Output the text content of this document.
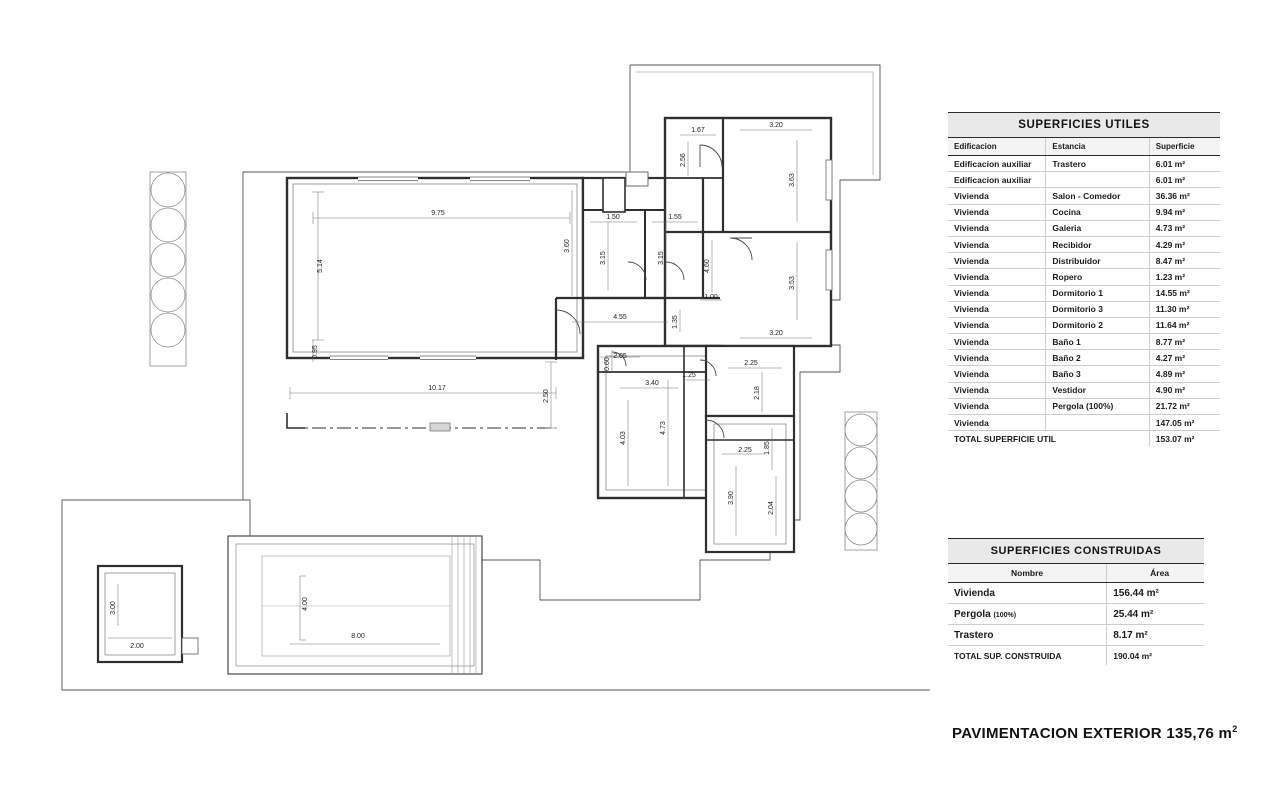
9.75
5.14
0.95
10.17
2.50
3.60
1.50	1.55
3.15	3.15
1.67
2.56
3.20
3.63
3.53
3.20
4.60
1.00
4.55	1.35
2.05
0.60
3.40
1.25
4.03
4.73
2.25
2.18
2.25 1.85
3.90
2.04
4.00
8.00
3.00
2.00
SUPERFICIES UTILES
Edificacion	Estancia	Superficie
Edificacion auxiliar	Trastero	6.01 m²
Edificacion auxiliar		6.01 m²
Vivienda	Salon - Comedor	36.36 m²
Vivienda	Cocina	9.94 m²
Vivienda	Galeria	4.73 m²
Vivienda	Recibidor	4.29 m²
Vivienda	Distribuidor	8.47 m²
Vivienda	Ropero	1.23 m²
Vivienda	Dormitorio 1	14.55 m²
Vivienda	Dormitorio 3	11.30 m²
Vivienda	Dormitorio 2	11.64 m²
Vivienda	Baño 1	8.77 m²
Vivienda	Baño 2	4.27 m²
Vivienda	Baño 3	4.89 m²
Vivienda	Vestidor	4.90 m²
Vivienda	Pergola (100%)	21.72 m²
Vivienda		147.05 m²
TOTAL SUPERFICIE UTIL		153.07 m²
SUPERFICIES CONSTRUIDAS
Nombre	Área
Vivienda	156.44 m²
Pergola (100%)	25.44 m²
Trastero	8.17 m²
TOTAL SUP. CONSTRUIDA	190.04 m²
PAVIMENTACION EXTERIOR 135,76 $m^2$
